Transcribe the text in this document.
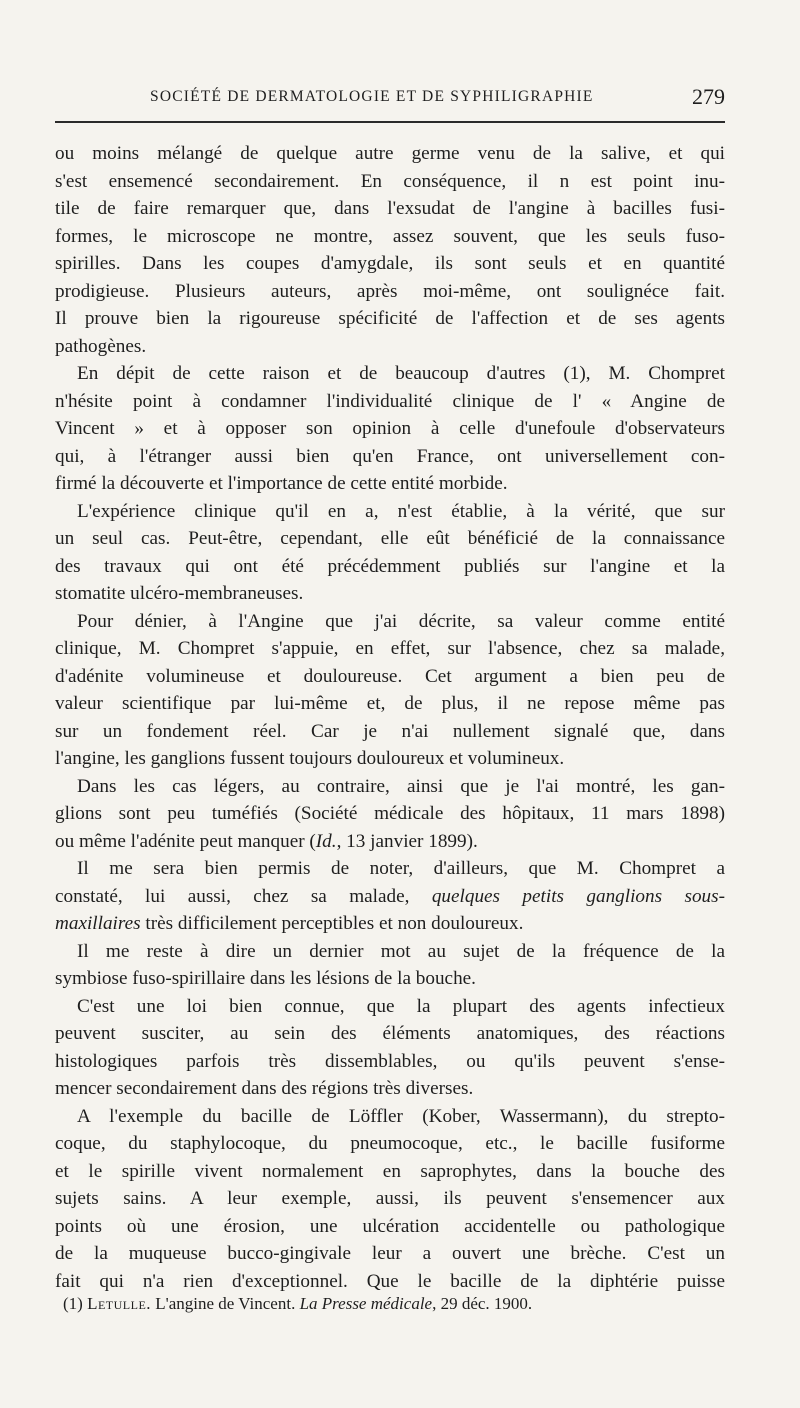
SOCIÉTÉ DE DERMATOLOGIE ET DE SYPHILIGRAPHIE	279
ou moins mélangé de quelque autre germe venu de la salive, et qui
s'est ensemencé secondairement. En conséquence, il n est point inu-
tile de faire remarquer que, dans l'exsudat de l'angine à bacilles fusi-
formes, le microscope ne montre, assez souvent, que les seuls fuso-
spirilles. Dans les coupes d'amygdale, ils sont seuls et en quantité
prodigieuse. Plusieurs auteurs, après moi-même, ont soulignéce fait.
Il prouve bien la rigoureuse spécificité de l'affection et de ses agents
pathogènes.
En dépit de cette raison et de beaucoup d'autres (1), M. Chompret
n'hésite point à condamner l'individualité clinique de l' « Angine de
Vincent » et à opposer son opinion à celle d'unefoule d'observateurs
qui, à l'étranger aussi bien qu'en France, ont universellement con-
firmé la découverte et l'importance de cette entité morbide.
L'expérience clinique qu'il en a, n'est établie, à la vérité, que sur
un seul cas. Peut-être, cependant, elle eût bénéficié de la connaissance
des travaux qui ont été précédemment publiés sur l'angine et la
stomatite ulcéro-membraneuses.
Pour dénier, à l'Angine que j'ai décrite, sa valeur comme entité
clinique, M. Chompret s'appuie, en effet, sur l'absence, chez sa malade,
d'adénite volumineuse et douloureuse. Cet argument a bien peu de
valeur scientifique par lui-même et, de plus, il ne repose même pas
sur un fondement réel. Car je n'ai nullement signalé que, dans
l'angine, les ganglions fussent toujours douloureux et volumineux.
Dans les cas légers, au contraire, ainsi que je l'ai montré, les gan-
glions sont peu tuméfiés (Société médicale des hôpitaux, 11 mars 1898)
ou même l'adénite peut manquer (Id., 13 janvier 1899).
Il me sera bien permis de noter, d'ailleurs, que M. Chompret a
constaté, lui aussi, chez sa malade, quelques petits ganglions sous-
maxillaires très difficilement perceptibles et non douloureux.
Il me reste à dire un dernier mot au sujet de la fréquence de la
symbiose fuso-spirillaire dans les lésions de la bouche.
C'est une loi bien connue, que la plupart des agents infectieux
peuvent susciter, au sein des éléments anatomiques, des réactions
histologiques parfois très dissemblables, ou qu'ils peuvent s'ense-
mencer secondairement dans des régions très diverses.
A l'exemple du bacille de Löffler (Kober, Wassermann), du strepto-
coque, du staphylocoque, du pneumocoque, etc., le bacille fusiforme
et le spirille vivent normalement en saprophytes, dans la bouche des
sujets sains. A leur exemple, aussi, ils peuvent s'ensemencer aux
points où une érosion, une ulcération accidentelle ou pathologique
de la muqueuse bucco-gingivale leur a ouvert une brèche. C'est un
fait qui n'a rien d'exceptionnel. Que le bacille de la diphtérie puisse
(1) Letulle. L'angine de Vincent. La Presse médicale, 29 déc. 1900.
